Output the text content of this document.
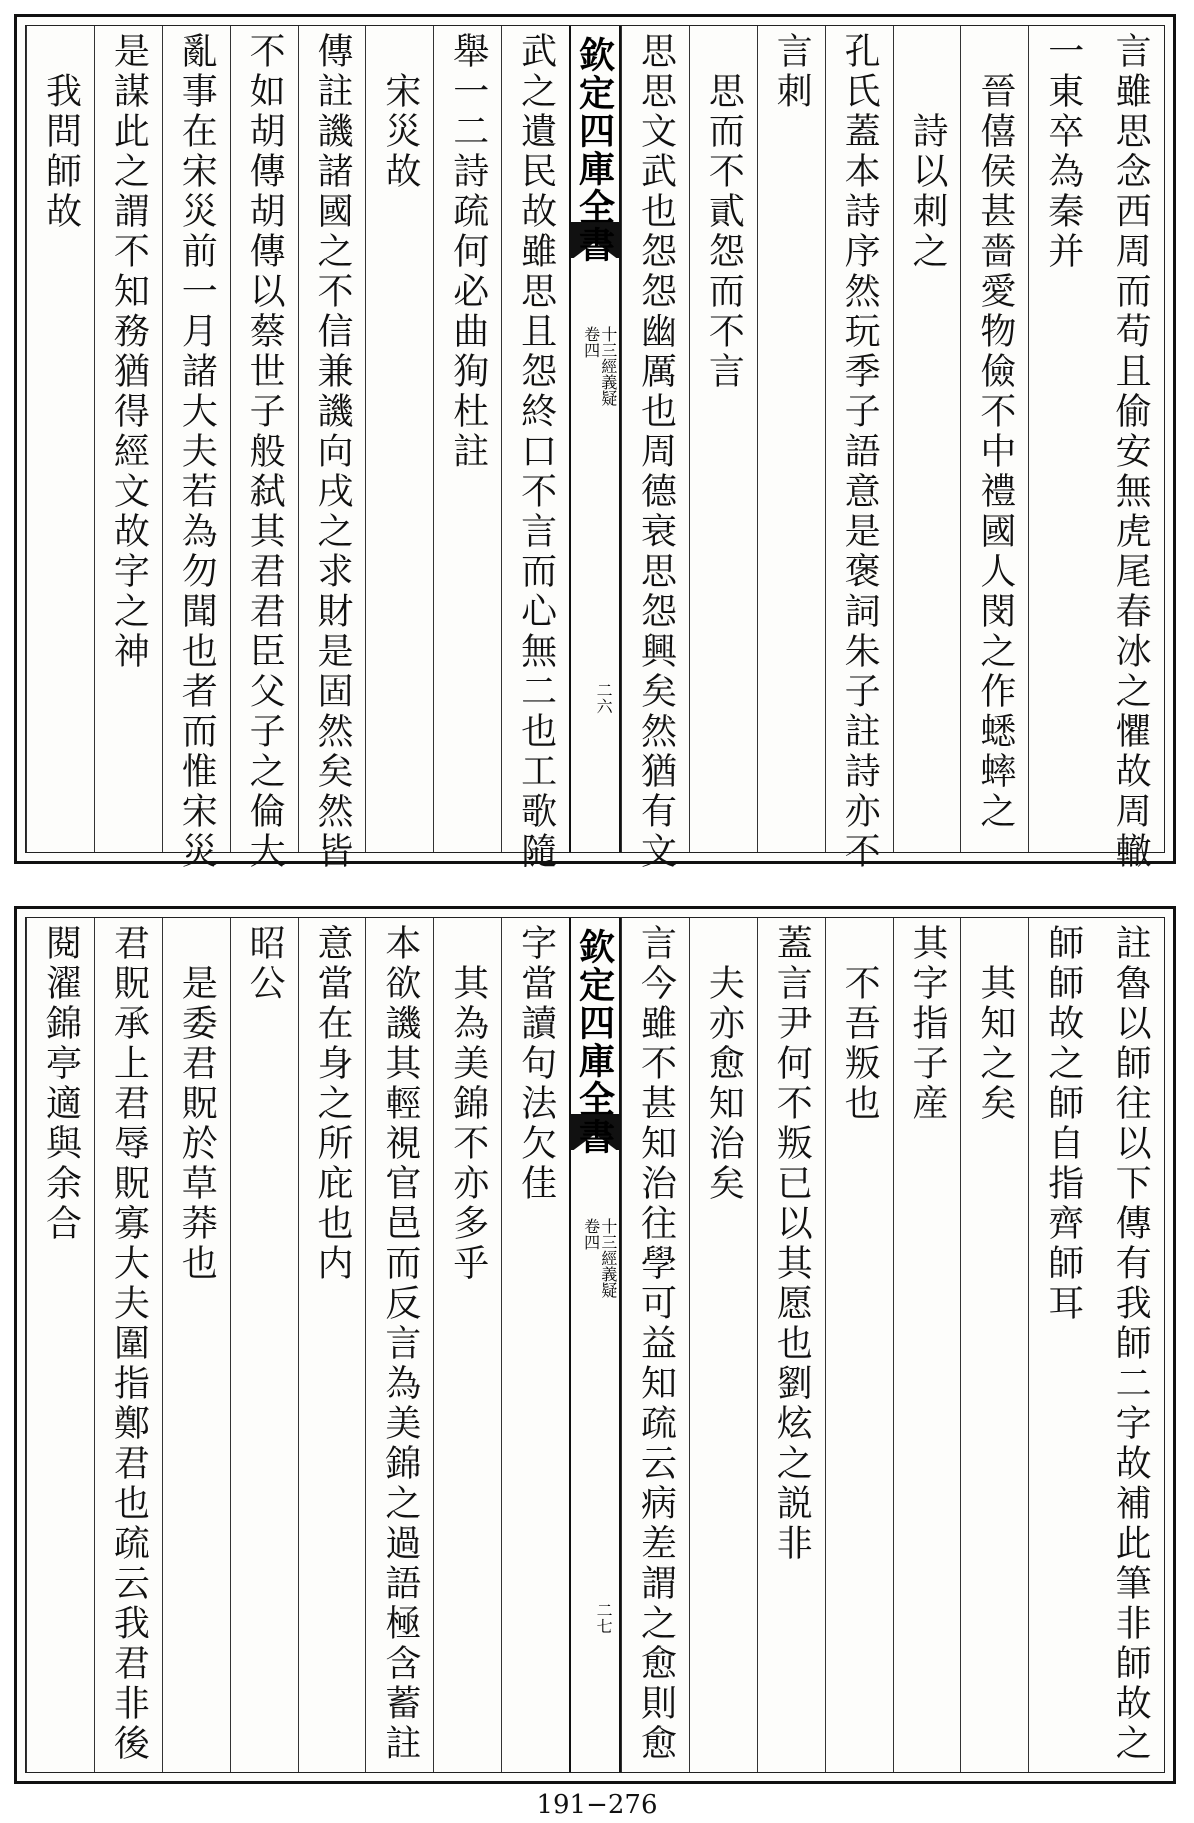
言雖思念西周而苟且偷安無虎尾春冰之懼故周轍
一東卒為秦并
晉僖侯甚嗇愛物儉不中禮國人閔之作蟋蟀之
詩以刺之
孔氏蓋本詩序然玩季子語意是褒詞朱子註詩亦不
言刺
思而不貳怨而不言
思思文武也怨怨幽厲也周德衰思怨興矣然猶有文
欽定四庫全書
十三經義疑
卷四
二六
武之遺民故雖思且怨終口不言而心無二也工歌隨
舉一二詩疏何必曲狥杜註
宋災故
傳註譏諸國之不信兼譏向戌之求財是固然矣然皆
不如胡傳胡傳以蔡世子般弑其君君臣父子之倫大
亂事在宋災前一月諸大夫若為勿聞也者而惟宋災
是謀此之謂不知務猶得經文故字之神
我問師故
註魯以師往以下傳有我師二字故補此筆非師故之
師師故之師自指齊師耳
其知之矣
其字指子産
不吾叛也
蓋言尹何不叛已以其愿也劉炫之説非
夫亦愈知治矣
言今雖不甚知治往學可益知疏云病差謂之愈則愈
欽定四庫全書
十三經義疑
卷四
二七
字當讀句法欠佳
其為美錦不亦多乎
本欲譏其輕視官邑而反言為美錦之過語極含蓄註
意當在身之所庇也内
昭公
是委君貺於草莽也
君貺承上君辱貺寡大夫圍指鄭君也疏云我君非後
閱濯錦亭適與余合
191−276
